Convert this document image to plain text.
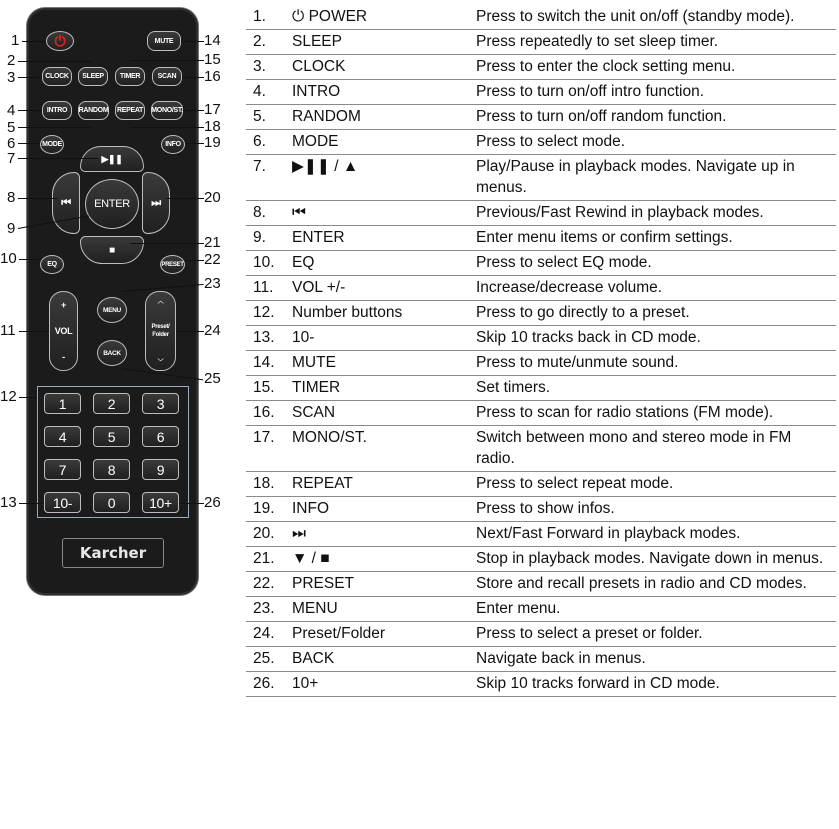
⏻	MUTE
CLOCK	SLEEP	TIMER	SCAN
INTRO	RANDOM REPEAT MONO/ST.
MODE	INFO
▶❚❚
⏮	⏭
ENTER
■
EQ	PRESET
+
VOL
-
MENU
BACK
︿
Preset/ Folder
﹀
1	2	3
4	5	6
7	8	9
10-	0	10+
Karcher
1
2
3
4
5
6
7
8
9
10
11
12
13
14
15
16
17
18
19
20
21
22
23
24
25
26
1.	⏻ POWER	Press to switch the unit on/off (standby mode).
2.	SLEEP	Press repeatedly to set sleep timer.
3.	CLOCK	Press to enter the clock setting menu.
4.	INTRO	Press to turn on/off intro function.
5.	RANDOM	Press to turn on/off random function.
6.	MODE	Press to select mode.
7.	▶❚❚ / ▲	Play/Pause in playback modes. Navigate up in menus.
8.	⏮	Previous/Fast Rewind in playback modes.
9.	ENTER	Enter menu items or confirm settings.
10.	EQ	Press to select EQ mode.
11.	VOL +/-	Increase/decrease volume.
12.	Number buttons	Press to go directly to a preset.
13.	10-	Skip 10 tracks back in CD mode.
14.	MUTE	Press to mute/unmute sound.
15.	TIMER	Set timers.
16.	SCAN	Press to scan for radio stations (FM mode).
17.	MONO/ST.	Switch between mono and stereo mode in FM radio.
18.	REPEAT	Press to select repeat mode.
19.	INFO	Press to show infos.
20.	⏭	Next/Fast Forward in playback modes.
21.	▼ / ■	Stop in playback modes. Navigate down in menus.
22.	PRESET	Store and recall presets in radio and CD modes.
23.	MENU	Enter menu.
24.	Preset/Folder	Press to select a preset or folder.
25.	BACK	Navigate back in menus.
26.	10+	Skip 10 tracks forward in CD mode.
